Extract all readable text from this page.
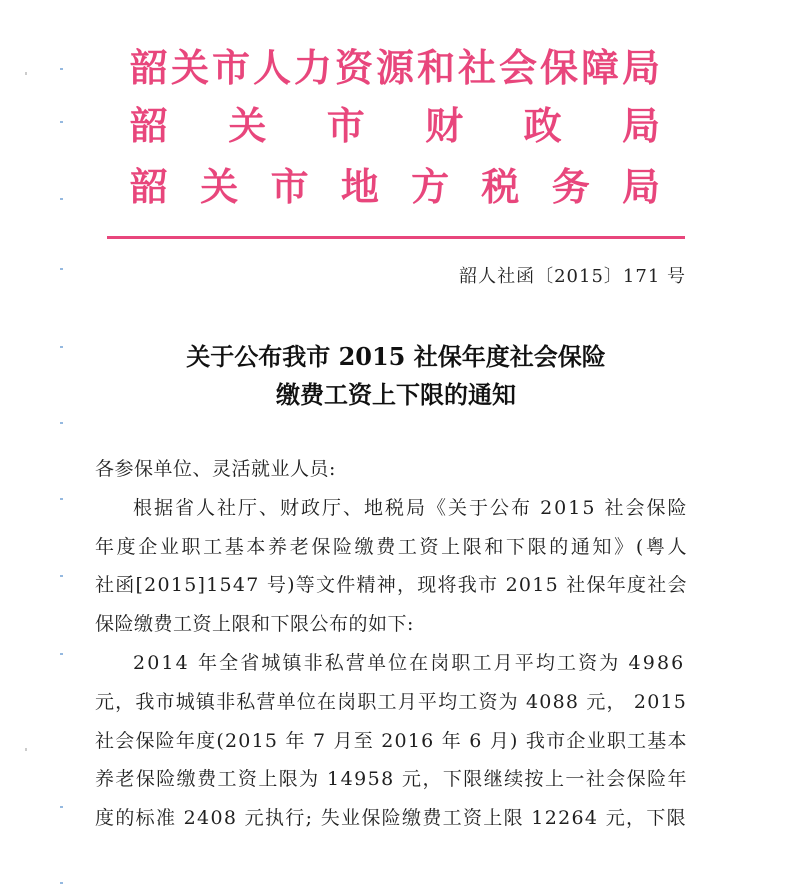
韶关市人力资源和社会保障局
韶 关 市 财 政 局
韶 关 市 地 方 税 务 局
韶人社函〔2015〕171 号
关于公布我市 2015 社保年度社会保险
缴费工资上下限的通知
各参保单位、灵活就业人员:
根据省人社厅、财政厅、地税局《关于公布 2015 社会保险
年度企业职工基本养老保险缴费工资上限和下限的通知》(粤人
社函[2015]1547 号)等文件精神，现将我市 2015 社保年度社会
保险缴费工资上限和下限公布的如下:
2014 年全省城镇非私营单位在岗职工月平均工资为 4986
元，我市城镇非私营单位在岗职工月平均工资为 4088 元， 2015
社会保险年度(2015 年 7 月至 2016 年 6 月) 我市企业职工基本
养老保险缴费工资上限为 14958 元，下限继续按上一社会保险年
度的标准 2408 元执行; 失业保险缴费工资上限 12264 元，下限
